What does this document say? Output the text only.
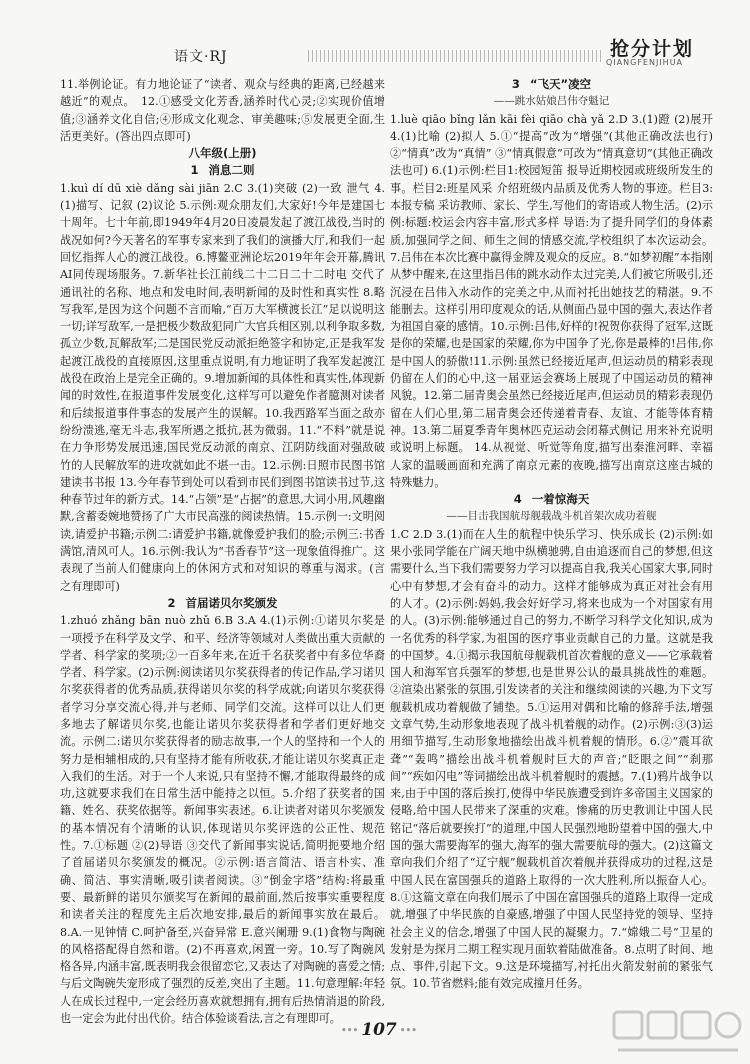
语文·RJ	抢分计划
QIANGFENJIHUA

11.举例论证。有力地论证了“读者、观众与经典的距离,已经越来越近”的观点。　12.①感受文化芳香,涵养时代心灵;②实现价值增值;③涵养文化自信;④形成文化观念、审美趣味;⑤发展更全面,生活更美好。(答出四点即可)

八年级(上册)

1 消息二则

1.kuì dí dū xiè dǎng sài jiān 2.C 3.(1)突破 (2)一致 泄气 4.(1)描写、记叙 (2)议论 5.示例:观众朋友们,大家好!今年是建国七十周年。七十年前,即1949年4月20日凌晨发起了渡江战役,当时的战况如何?今天著名的军事专家来到了我们的演播大厅,和我们一起回忆指挥人心的渡江战役。6.博鳌亚洲论坛2019年年会开幕,腾讯AI同传现场服务。7.新华社长江前线二十二日二十二时电 交代了通讯社的名称、地点和发电时间,表明新闻的及时性和真实性 8.略写我军,是因为这个问题不言而喻,“百万大军横渡长江”足以说明这一切;详写敌军,一是把极少数敌犯同广大官兵相区别,以利争取多数,孤立少数,瓦解敌军;二是国民党反动派拒绝签字和协定,正是我军发起渡江战役的直接原因,这里重点说明,有力地证明了我军发起渡江战役在政治上是完全正确的。9.增加新闻的具体性和真实性,体现新闻的时效性,在报道事件发展变化,这样写可以避免作者臆测对读者和后续报道事件事态的发展产生的误解。10.我西路军当面之敌亦纷纷溃逃,毫无斗志,我军所遇之抵抗,甚为微弱。11.“不料”就是说在力争形势发展迅速,国民党反动派的南京、江阴防线面对强敌破竹的人民解放军的进攻就如此不堪一击。12.示例:日照市民图书馆建读书书报 13.今年春节到处可以看到市民们到图书馆读书过节,这种春节过年的新方式。14.“占领”是“占据”的意思,大词小用,风趣幽默,含蓄委婉地赞扬了广大市民高涨的阅读热情。15.示例一:文明阅读,请爱护书籍;示例二:请爱护书籍,就像爱护我们的脸;示例三:书香满馆,清风可人。16.示例:我认为“书香春节”这一现象值得推广。这表现了当前人们健康向上的休闲方式和对知识的尊重与渴求。(言之有理即可)

2 首届诺贝尔奖颁发

1.zhuó zhǎng bān nuò zhǔ 6.B 3.A 4.(1)示例:①诺贝尔奖是一项授予在科学及文学、和平、经济等领域对人类做出重大贡献的学者、科学家的奖项;②一百多年来,在近千名获奖者中有多位华裔学者、科学家。(2)示例:阅读诺贝尔奖获得者的传记作品,学习诺贝尔奖获得者的优秀品质,获得诺贝尔奖的科学成就;向诺贝尔奖获得者学习分享交流心得,并与老师、同学们交流。这样可以让人们更多地去了解诺贝尔奖,也能让诺贝尔奖获得者和学者们更好地交流。示例二:诺贝尔奖获得者的励志故事,一个人的坚持和一个人的努力是相辅相成的,只有坚持才能有所收获,才能让诺贝尔奖真正走入我们的生活。对于一个人来说,只有坚持不懈,才能取得最终的成功,这就要求我们在日常生活中能持之以恒。5.介绍了获奖者的国籍、姓名、获奖依据等。新闻事实表述。6.让读者对诺贝尔奖颁发的基本情况有个清晰的认识,体现诺贝尔奖评选的公正性、规范性。7.①标题 ②(2)导语 ③交代了新闻事实说话,简明扼要地介绍了首届诺贝尔奖颁发的概况。②示例:语言简洁、语言朴实、准确、简洁、事实清晰,吸引读者阅读。③“倒金字塔”结构:将最重要、最新鲜的诺贝尔颁奖写在新闻的最前面,然后按事实重要程度和读者关注的程度先主后次地安排,最后的新闻事实放在最后。8.A.一见钟情 C.呵护备至,兴奋异常 E.意兴阑珊 9.(1)食物与陶碗的风格搭配得自然和谐。(2)不再喜欢,闲置一旁。10.写了陶碗风格各异,内涵丰富,既表明我会很留恋它,又表达了对陶碗的喜爱之情;与后文陶碗失宠形成了强烈的反差,突出了主题。11.句意理解:年轻人在成长过程中,一定会经历喜欢就想拥有,拥有后热情消退的阶段,也一定会为此付出代价。结合体验谈看法,言之有理即可。

3 “飞天”凌空

——跳水姑娘吕伟夺魁记

1.luè qiāo bǐng lǎn kāi fèi qiāo chà yǎ 2.D 3.(1)蹬 (2)展开 4.(1)比喻 (2)拟人 5.①“提高”改为“增强”(其他正确改法也行) ②“情真”改为“真情” ③“情真假意”可改为“情真意切”(其他正确改法也可) 6.(1)示例:栏目1:校园短笛 报导近期校园或班级所发生的事。栏目2:班星风采 介绍班级内品质及优秀人物的事迹。栏目3:本报专稿 采访教师、家长、学生,写他们的寄语或人物生活。(2)示例:标题:校运会内容丰富,形式多样 导语:为了提升同学们的身体素质,加强同学之间、师生之间的情感交流,学校组织了本次运动会。7.吕伟在本次比赛中赢得金牌及观众的反应。8.“如梦初醒”本指刚从梦中醒来,在这里指吕伟的跳水动作太过完美,人们被它所吸引,还沉浸在吕伟入水动作的完美之中,从而衬托出她技艺的精湛。9.不能删去。这样引用印度观众的话,从侧面凸显中国的强大,表达作者为祖国自豪的感情。10.示例:吕伟,好样的!祝贺你获得了冠军,这既是你的荣耀,也是国家的荣耀,你为中国争了光,你是最棒的!吕伟,你是中国人的骄傲!11.示例:虽然已经接近尾声,但运动员的精彩表现仍留在人们的心中,这一届亚运会赛场上展现了中国运动员的精神风貌。12.第二届青奥会虽然已经接近尾声,但运动员的精彩表现仍留在人们心里,第二届青奥会还传递着青春、友谊、才能等体育精神。13.第二届夏季青年奥林匹克运动会闭幕式侧记 用来补充说明或说明上标题。 14.从视觉、听觉等角度,描写出秦淮河畔、幸福人家的温暖画面和充满了南京元素的夜晚,描写出南京这座古城的特殊魅力。

4 一着惊海天

——目击我国航母舰载战斗机首架次成功着舰

1.C 2.D 3.(1)而在人生的航程中快乐学习、快乐成长 (2)示例:如果小张同学能在广阔天地中纵横驰骋,自由追逐而自己的梦想,但这需要什么,当下我们需要努力学习以提高自我,我关心国家大事,同时心中有梦想,才会有奋斗的动力。这样才能够成为真正对社会有用的人才。(2)示例:妈妈,我会好好学习,将来也成为一个对国家有用的人。(3)示例:能够通过自己的努力,不断学习科学文化知识,成为一名优秀的科学家,为祖国的医疗事业贡献自己的力量。这就是我的中国梦。4.①揭示我国航母舰载机首次着舰的意义——它承载着国人和海军官兵强军的梦想,也是世界公认的最具挑战性的难题。②渲染出紧张的氛围,引发读者的关注和继续阅读的兴趣,为下文写舰载机成功着舰做了铺垫。5.①运用对偶和比喻的修辞手法,增强文章气势,生动形象地表现了战斗机着舰的动作。(2)示例:③(3)运用细节描写,生动形象地描绘出战斗机着舰的情形。6.②“震耳欲聋”“轰鸣”描绘出战斗机着舰时巨大的声音;“眨眼之间”“刹那间”“疾如闪电”等词描绘出战斗机着舰时的震撼。7.(1)鸦片战争以来,由于中国的落后挨打,使得中华民族遭受到许多帝国主义国家的侵略,给中国人民带来了深重的灾难。惨痛的历史教训让中国人民铭记“落后就要挨打”的道理,中国人民强烈地盼望着中国的强大,中国的强大需要海军的强大,海军的强大需要航母的强大。(2)这篇文章向我们介绍了“辽宁舰”舰载机首次着舰并获得成功的过程,这是中国人民在富国强兵的道路上取得的一次大胜利,所以振奋人心。8.①这篇文章在向我们展示了中国在富国强兵的道路上取得一定成就,增强了中华民族的自豪感,增强了中国人民坚持党的领导、坚持社会主义的信念,增强了中国人民的凝聚力。7.“嫦娥二号”卫星的发射是为探月二期工程实现月面软着陆做准备。8.点明了时间、地点、事件,引起下文。9.这是环境描写,衬托出火箭发射前的紧张气氛。10.节省燃料;能有效完成撞月任务。

••• 107 •••
